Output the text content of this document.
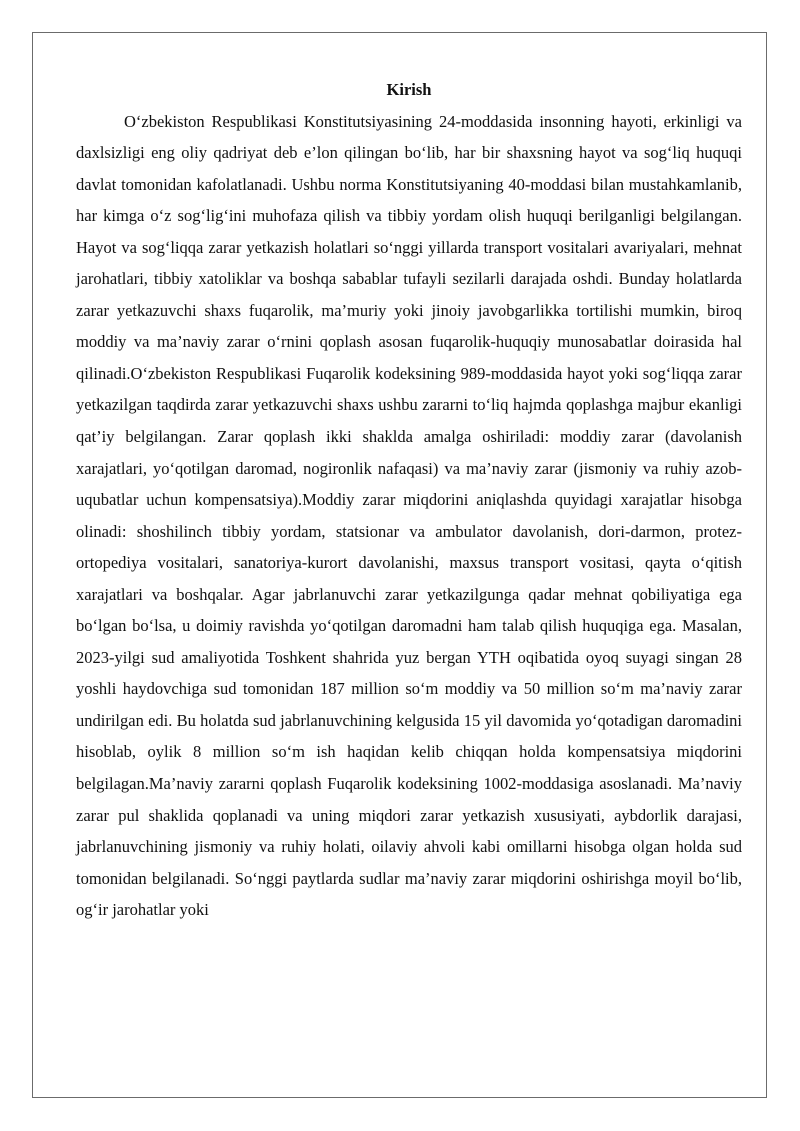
Kirish

O‘zbekiston Respublikasi Konstitutsiyasining 24-moddasida insonning hayoti, erkinligi va daxlsizligi eng oliy qadriyat deb e’lon qilingan bo‘lib, har bir shaxsning hayot va sog‘liq huquqi davlat tomonidan kafolatlanadi. Ushbu norma Konstitutsiyaning 40-moddasi bilan mustahkamlanib, har kimga o‘z sog‘lig‘ini muhofaza qilish va tibbiy yordam olish huquqi berilganligi belgilangan. Hayot va sog‘liqqa zarar yetkazish holatlari so‘nggi yillarda transport vositalari avariyalari, mehnat jarohatlari, tibbiy xatoliklar va boshqa sabablar tufayli sezilarli darajada oshdi. Bunday holatlarda zarar yetkazuvchi shaxs fuqarolik, ma’muriy yoki jinoiy javobgarlikka tortilishi mumkin, biroq moddiy va ma’naviy zarar o‘rnini qoplash asosan fuqarolik-huquqiy munosabatlar doirasida hal qilinadi.O‘zbekiston Respublikasi Fuqarolik kodeksining 989-moddasida hayot yoki sog‘liqqa zarar yetkazilgan taqdirda zarar yetkazuvchi shaxs ushbu zararni to‘liq hajmda qoplashga majbur ekanligi qat’iy belgilangan. Zarar qoplash ikki shaklda amalga oshiriladi: moddiy zarar (davolanish xarajatlari, yo‘qotilgan daromad, nogironlik nafaqasi) va ma’naviy zarar (jismoniy va ruhiy azob-uqubatlar uchun kompensatsiya).Moddiy zarar miqdorini aniqlashda quyidagi xarajatlar hisobga olinadi: shoshilinch tibbiy yordam, statsionar va ambulator davolanish, dori-darmon, protez-ortopediya vositalari, sanatoriya-kurort davolanishi, maxsus transport vositasi, qayta o‘qitish xarajatlari va boshqalar. Agar jabrlanuvchi zarar yetkazilgunga qadar mehnat qobiliyatiga ega bo‘lgan bo‘lsa, u doimiy ravishda yo‘qotilgan daromadni ham talab qilish huquqiga ega. Masalan, 2023-yilgi sud amaliyotida Toshkent shahrida yuz bergan YTH oqibatida oyoq suyagi singan 28 yoshli haydovchiga sud tomonidan 187 million so‘m moddiy va 50 million so‘m ma’naviy zarar undirilgan edi. Bu holatda sud jabrlanuvchining kelgusida 15 yil davomida yo‘qotadigan daromadini hisoblab, oylik 8 million so‘m ish haqidan kelib chiqqan holda kompensatsiya miqdorini belgilagan.Ma’naviy zararni qoplash Fuqarolik kodeksining 1002-moddasiga asoslanadi. Ma’naviy zarar pul shaklida qoplanadi va uning miqdori zarar yetkazish xususiyati, aybdorlik darajasi, jabrlanuvchining jismoniy va ruhiy holati, oilaviy ahvoli kabi omillarni hisobga olgan holda sud tomonidan belgilanadi. So‘nggi paytlarda sudlar ma’naviy zarar miqdorini oshirishga moyil bo‘lib, og‘ir jarohatlar yoki
